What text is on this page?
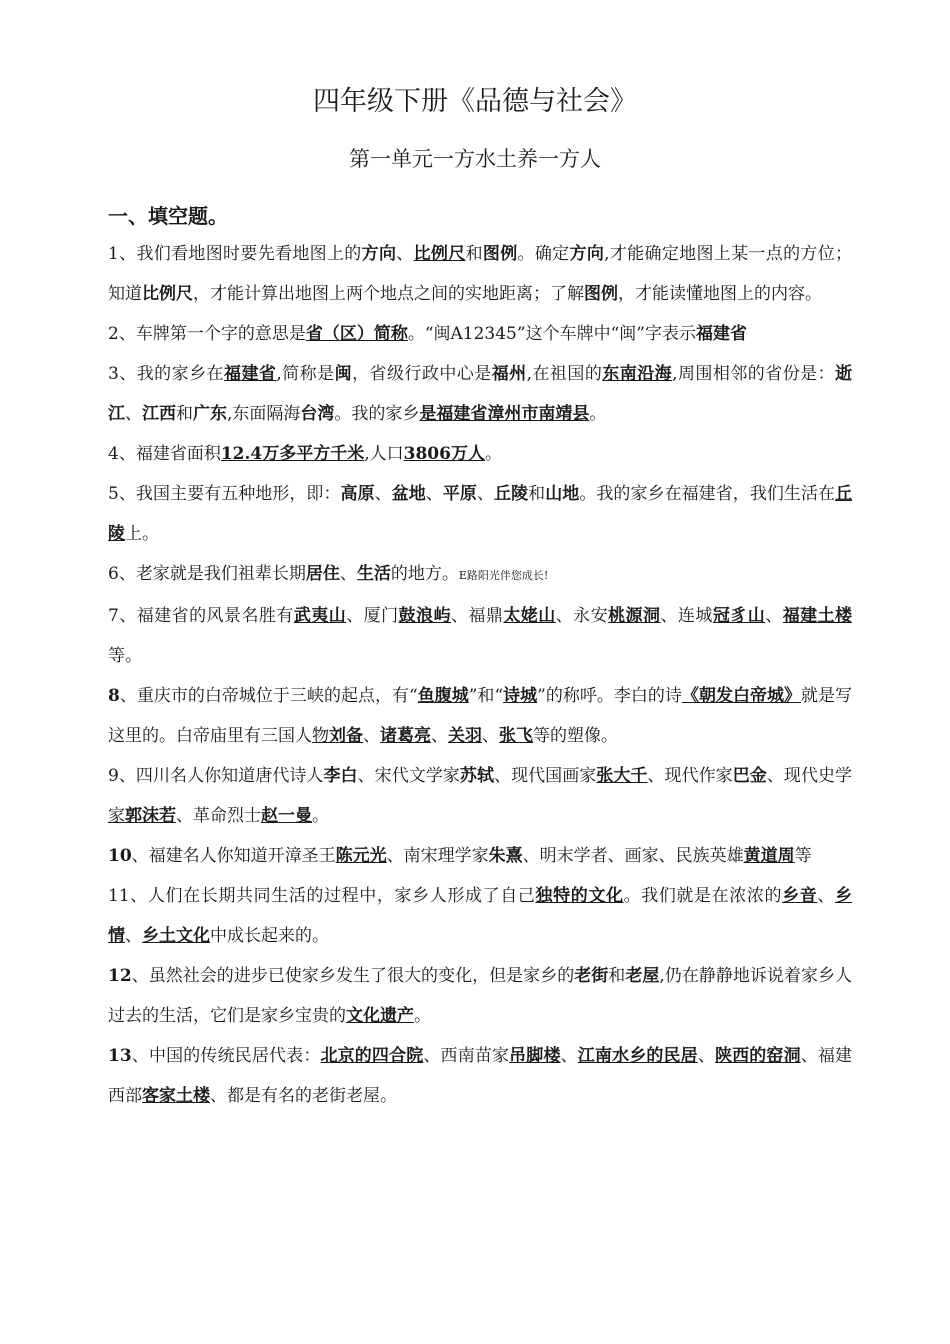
四年级下册《品德与社会》
第一单元一方水土养一方人
一、填空题。

1、我们看地图时要先看地图上的方向、比例尺和图例。确定方向,才能确定地图上某一点的方位；知道比例尺，才能计算出地图上两个地点之间的实地距离；了解图例，才能读懂地图上的内容。

2、车牌第一个字的意思是省（区）简称。“闽A12345”这个车牌中“闽”字表示福建省

3、我的家乡在福建省,简称是闽，省级行政中心是福州,在祖国的东南沿海,周围相邻的省份是：逝江、江西和广东,东面隔海台湾。我的家乡是福建省漳州市南靖县。

4、福建省面积12.4万多平方千米,人口3806万人。

5、我国主要有五种地形，即：高原、盆地、平原、丘陵和山地。我的家乡在福建省，我们生活在丘陵上。

6、老家就是我们祖辈长期居住、生活的地方。E路阳光伴您成长!

7、福建省的风景名胜有武夷山、厦门鼓浪屿、福鼎太姥山、永安桃源洞、连城冠豸山、福建土楼等。

8、重庆市的白帝城位于三峡的起点，有“鱼腹城”和“诗城”的称呼。李白的诗《朝发白帝城》就是写这里的。白帝庙里有三国人物刘备、诸葛亮、关羽、张飞等的塑像。

9、四川名人你知道唐代诗人李白、宋代文学家苏轼、现代国画家张大千、现代作家巴金、现代史学家郭沫若、革命烈士赵一曼。

10、福建名人你知道开漳圣王陈元光、南宋理学家朱熹、明末学者、画家、民族英雄黄道周等

11、人们在长期共同生活的过程中，家乡人形成了自己独特的文化。我们就是在浓浓的乡音、乡情、乡土文化中成长起来的。

12、虽然社会的进步已使家乡发生了很大的变化，但是家乡的老街和老屋,仍在静静地诉说着家乡人过去的生活，它们是家乡宝贵的文化遗产。

13、中国的传统民居代表：北京的四合院、西南苗家吊脚楼、江南水乡的民居、陕西的窑洞、福建西部客家土楼、都是有名的老街老屋。
